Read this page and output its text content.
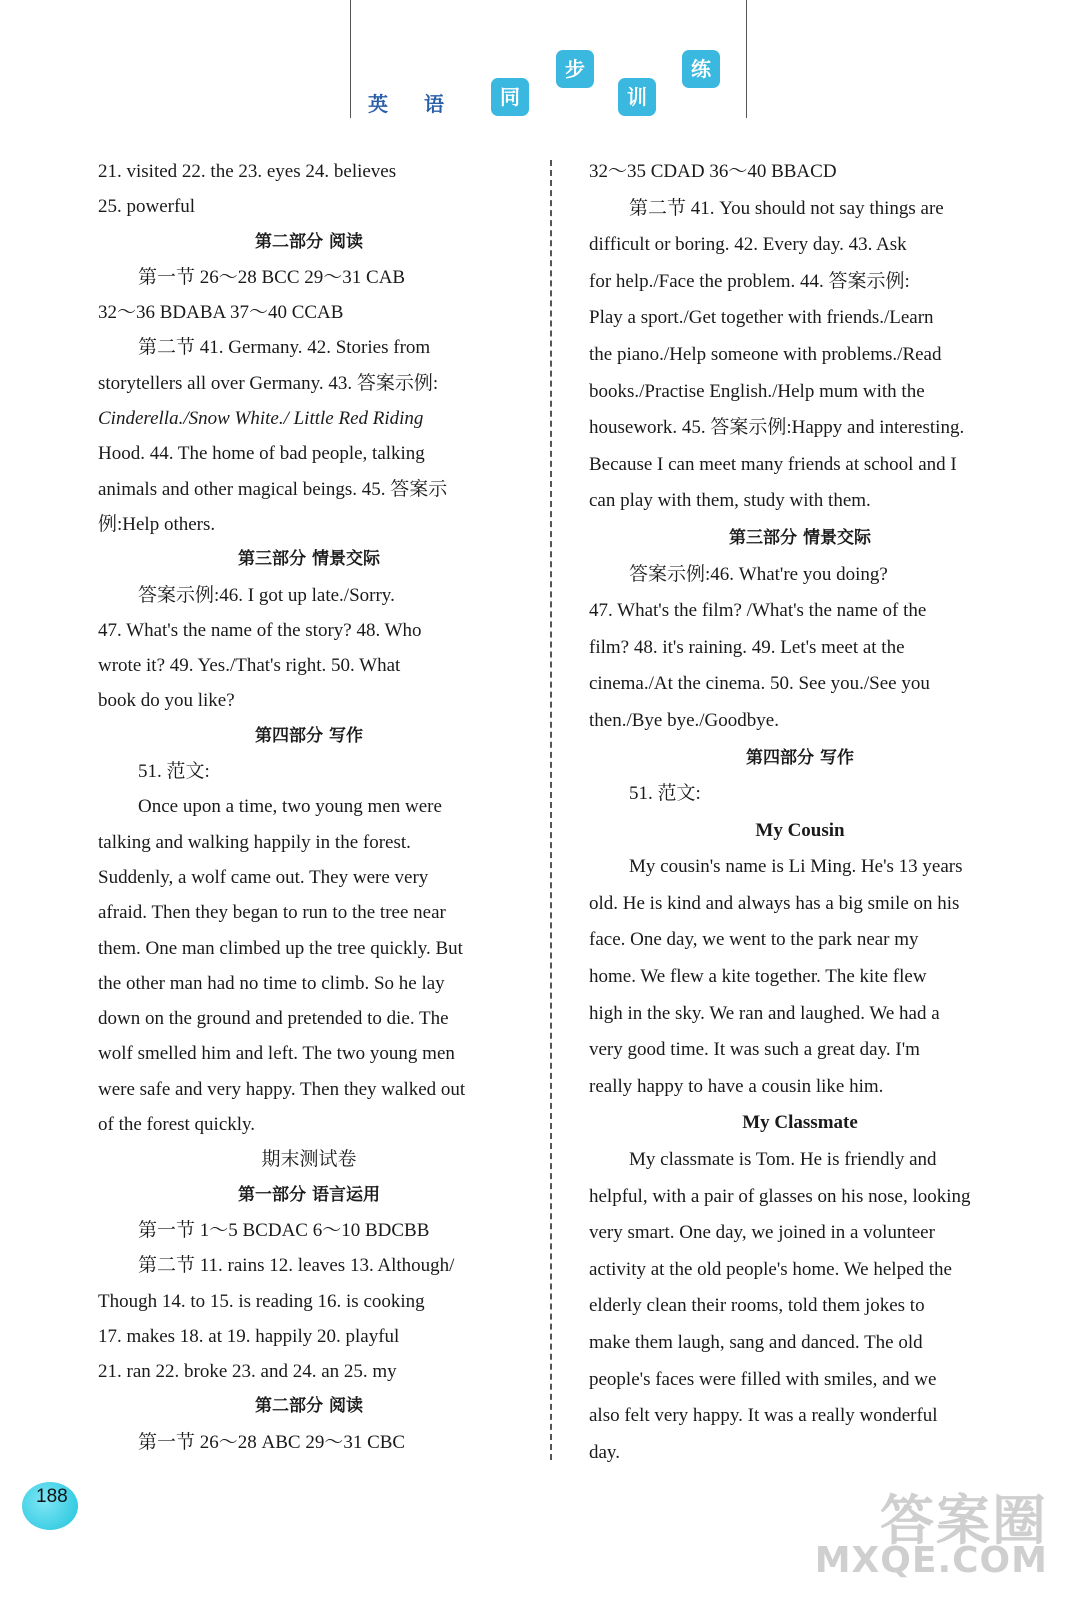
英 语	同
步
训
练

21. visited 22. the 23. eyes 24. believes

25. powerful

第二部分 阅读

第一节 26～28 BCC 29～31 CAB

32～36 BDABA 37～40 CCAB

第二节 41. Germany. 42. Stories from

storytellers all over Germany. 43. 答案示例:

Cinderella./Snow White./ Little Red Riding

Hood. 44. The home of bad people, talking

animals and other magical beings. 45. 答案示

例:Help others.

第三部分 情景交际

答案示例:46. I got up late./Sorry.

47. What's the name of the story? 48. Who

wrote it? 49. Yes./That's right. 50. What

book do you like?

第四部分 写作

51. 范文:

Once upon a time, two young men were

talking and walking happily in the forest.

Suddenly, a wolf came out. They were very

afraid. Then they began to run to the tree near

them. One man climbed up the tree quickly. But

the other man had no time to climb. So he lay

down on the ground and pretended to die. The

wolf smelled him and left. The two young men

were safe and very happy. Then they walked out

of the forest quickly.

期末测试卷

第一部分 语言运用

第一节 1～5 BCDAC 6～10 BDCBB

第二节 11. rains 12. leaves 13. Although/

Though 14. to 15. is reading 16. is cooking

17. makes 18. at 19. happily 20. playful

21. ran 22. broke 23. and 24. an 25. my

第二部分 阅读

第一节 26～28 ABC 29～31 CBC

32～35 CDAD 36～40 BBACD

第二节 41. You should not say things are

difficult or boring. 42. Every day. 43. Ask

for help./Face the problem. 44. 答案示例:

Play a sport./Get together with friends./Learn

the piano./Help someone with problems./Read

books./Practise English./Help mum with the

housework. 45. 答案示例:Happy and interesting.

Because I can meet many friends at school and I

can play with them, study with them.

第三部分 情景交际

答案示例:46. What're you doing?

47. What's the film? /What's the name of the

film? 48. it's raining. 49. Let's meet at the

cinema./At the cinema. 50. See you./See you

then./Bye bye./Goodbye.

第四部分 写作

51. 范文:

My Cousin

My cousin's name is Li Ming. He's 13 years

old. He is kind and always has a big smile on his

face. One day, we went to the park near my

home. We flew a kite together. The kite flew

high in the sky. We ran and laughed. We had a

very good time. It was such a great day. I'm

really happy to have a cousin like him.

My Classmate

My classmate is Tom. He is friendly and

helpful, with a pair of glasses on his nose, looking

very smart. One day, we joined in a volunteer

activity at the old people's home. We helped the

elderly clean their rooms, told them jokes to

make them laugh, sang and danced. The old

people's faces were filled with smiles, and we

also felt very happy. It was a really wonderful

day.

188	答案圈
MXQE.COM
